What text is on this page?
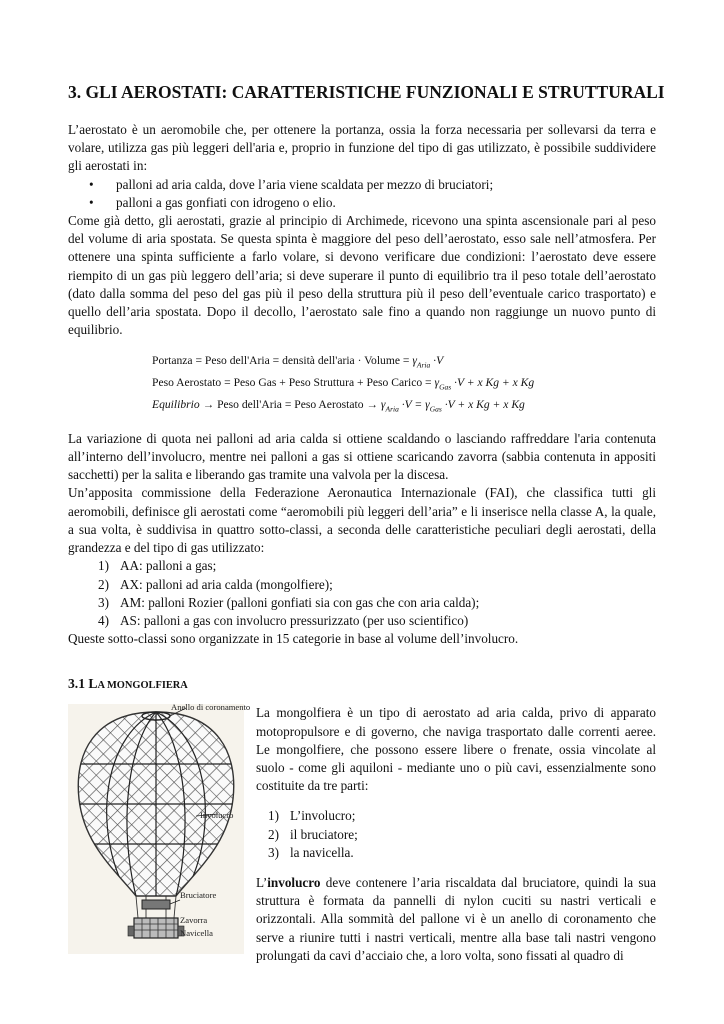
3. GLI AEROSTATI: CARATTERISTICHE FUNZIONALI E STRUTTURALI

L’aerostato è un aeromobile che, per ottenere la portanza, ossia la forza necessaria per sollevarsi da terra e volare, utilizza gas più leggeri dell'aria e, proprio in funzione del tipo di gas utilizzato, è possibile suddividere gli aerostati in:

• palloni ad aria calda, dove l’aria viene scaldata per mezzo di bruciatori;
• palloni a gas gonfiati con idrogeno o elio.

Come già detto, gli aerostati, grazie al principio di Archimede, ricevono una spinta ascensionale pari al peso del volume di aria spostata. Se questa spinta è maggiore del peso dell’aerostato, esso sale nell’atmosfera. Per ottenere una spinta sufficiente a farlo volare, si devono verificare due condizioni: l’aerostato deve essere riempito di un gas più leggero dell’aria; si deve superare il punto di equilibrio tra il peso totale dell’aerostato (dato dalla somma del peso del gas più il peso della struttura più il peso dell’eventuale carico trasportato) e quello dell’aria spostata. Dopo il decollo, l’aerostato sale fino a quando non raggiunge un nuovo punto di equilibrio.

Portanza = Peso dell'Aria = densità dell'aria · Volume = $\gamma_{Aria} \cdot V$
Peso Aerostato = Peso Gas + Peso Struttura + Peso Carico = $\gamma_{Gas} \cdot V + x$ Kg + x Kg
Equilibrio → Peso dell'Aria = Peso Aerostato → $\gamma_{Aria} \cdot V = \gamma_{Gas} \cdot V + x$ Kg + x Kg

La variazione di quota nei palloni ad aria calda si ottiene scaldando o lasciando raffreddare l'aria contenuta all’interno dell’involucro, mentre nei palloni a gas si ottiene scaricando zavorra (sabbia contenuta in appositi sacchetti) per la salita e liberando gas tramite una valvola per la discesa.

Un’apposita commissione della Federazione Aeronautica Internazionale (FAI), che classifica tutti gli aeromobili, definisce gli aerostati come “aeromobili più leggeri dell’aria” e li inserisce nella classe A, la quale, a sua volta, è suddivisa in quattro sotto-classi, a seconda delle caratteristiche peculiari degli aerostati, della grandezza e del tipo di gas utilizzato:

1) AA: palloni a gas;
2) AX: palloni ad aria calda (mongolfiere);
3) AM: palloni Rozier (palloni gonfiati sia con gas che con aria calda);
4) AS: palloni a gas con involucro pressurizzato (per uso scientifico)

Queste sotto-classi sono organizzate in 15 categorie in base al volume dell’involucro.

3.1 LA MONGOLFIERA
Anello di coronamento
Involucro
Bruciatore
Zavorra
Navicella

La mongolfiera è un tipo di aerostato ad aria calda, privo di apparato motopropulsore e di governo, che naviga trasportato dalle correnti aeree. Le mongolfiere, che possono essere libere o frenate, ossia vincolate al suolo - come gli aquiloni - mediante uno o più cavi, essenzialmente sono costituite da tre parti:

1) L’involucro;
2) il bruciatore;
3) la navicella.

L’involucro deve contenere l’aria riscaldata dal bruciatore, quindi la sua struttura è formata da pannelli di nylon cuciti su nastri verticali e orizzontali. Alla sommità del pallone vi è un anello di coronamento che serve a riunire tutti i nastri verticali, mentre alla base tali nastri vengono prolungati da cavi d’acciaio che, a loro volta, sono fissati al quadro di
